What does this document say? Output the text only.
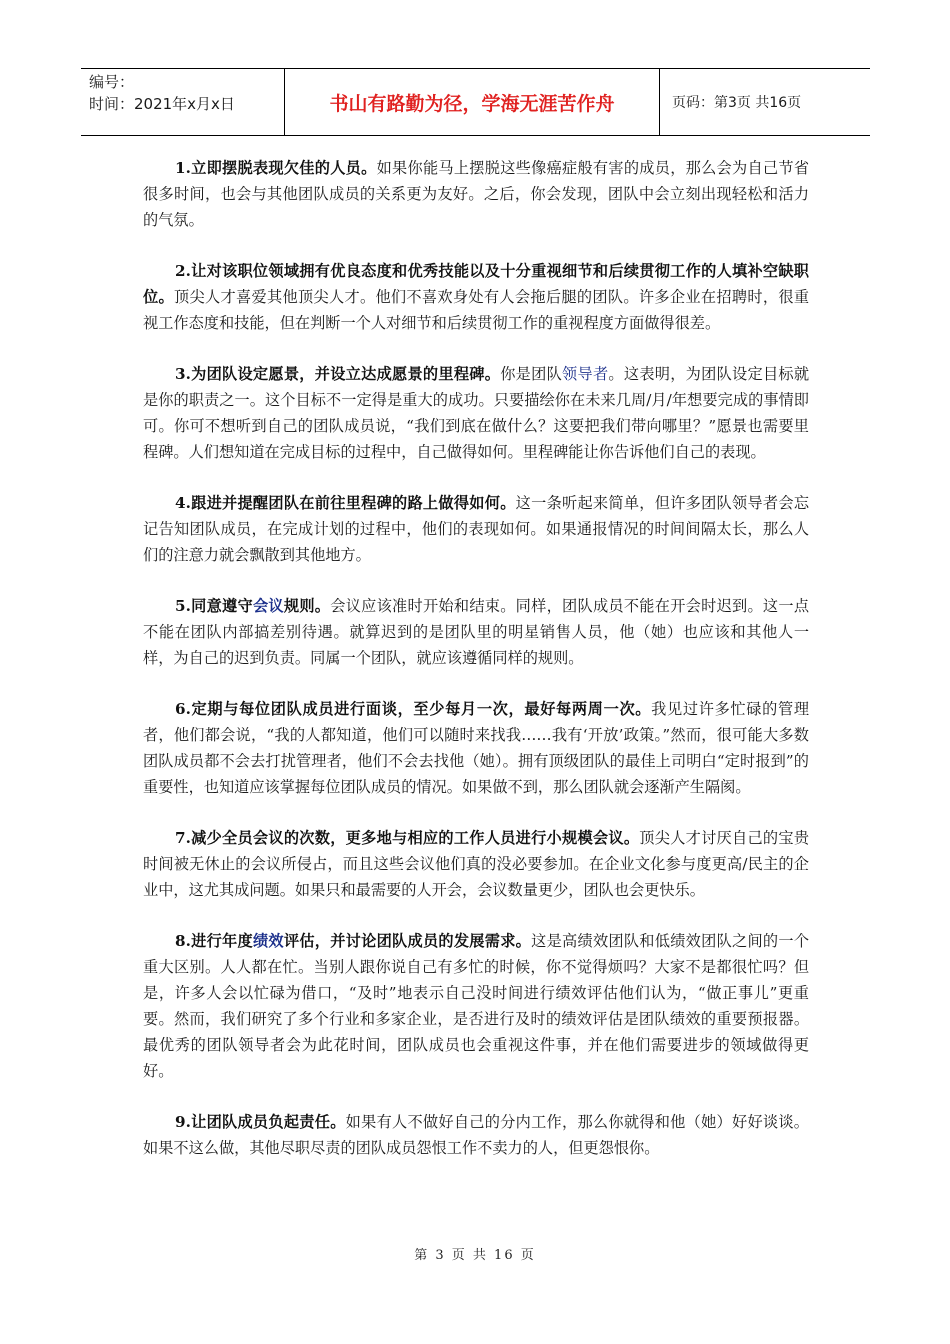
编号：
时间：2021年x月x日	书山有路勤为径，学海无涯苦作舟	页码：第3页 共16页

1.立即摆脱表现欠佳的人员。如果你能马上摆脱这些像癌症般有害的成员，那么会为自己节省很多时间，也会与其他团队成员的关系更为友好。之后，你会发现，团队中会立刻出现轻松和活力的气氛。

2.让对该职位领域拥有优良态度和优秀技能以及十分重视细节和后续贯彻工作的人填补空缺职位。顶尖人才喜爱其他顶尖人才。他们不喜欢身处有人会拖后腿的团队。许多企业在招聘时，很重视工作态度和技能，但在判断一个人对细节和后续贯彻工作的重视程度方面做得很差。

3.为团队设定愿景，并设立达成愿景的里程碑。你是团队领导者。这表明，为团队设定目标就是你的职责之一。这个目标不一定得是重大的成功。只要描绘你在未来几周/月/年想要完成的事情即可。你可不想听到自己的团队成员说，“我们到底在做什么？这要把我们带向哪里？”愿景也需要里程碑。人们想知道在完成目标的过程中，自己做得如何。里程碑能让你告诉他们自己的表现。

4.跟进并提醒团队在前往里程碑的路上做得如何。这一条听起来简单，但许多团队领导者会忘记告知团队成员，在完成计划的过程中，他们的表现如何。如果通报情况的时间间隔太长，那么人们的注意力就会飘散到其他地方。

5.同意遵守会议规则。会议应该准时开始和结束。同样，团队成员不能在开会时迟到。这一点不能在团队内部搞差别待遇。就算迟到的是团队里的明星销售人员，他（她）也应该和其他人一样，为自己的迟到负责。同属一个团队，就应该遵循同样的规则。

6.定期与每位团队成员进行面谈，至少每月一次，最好每两周一次。我见过许多忙碌的管理者，他们都会说，“我的人都知道，他们可以随时来找我……我有‘开放’政策。”然而，很可能大多数团队成员都不会去打扰管理者，他们不会去找他（她）。拥有顶级团队的最佳上司明白“定时报到”的重要性，也知道应该掌握每位团队成员的情况。如果做不到，那么团队就会逐渐产生隔阂。

7.减少全员会议的次数，更多地与相应的工作人员进行小规模会议。顶尖人才讨厌自己的宝贵时间被无休止的会议所侵占，而且这些会议他们真的没必要参加。在企业文化参与度更高/民主的企业中，这尤其成问题。如果只和最需要的人开会，会议数量更少，团队也会更快乐。

8.进行年度绩效评估，并讨论团队成员的发展需求。这是高绩效团队和低绩效团队之间的一个重大区别。人人都在忙。当别人跟你说自己有多忙的时候，你不觉得烦吗？大家不是都很忙吗？但是，许多人会以忙碌为借口，“及时”地表示自己没时间进行绩效评估他们认为，“做正事儿”更重要。然而，我们研究了多个行业和多家企业，是否进行及时的绩效评估是团队绩效的重要预报器。最优秀的团队领导者会为此花时间，团队成员也会重视这件事，并在他们需要进步的领域做得更好。

9.让团队成员负起责任。如果有人不做好自己的分内工作，那么你就得和他（她）好好谈谈。如果不这么做，其他尽职尽责的团队成员怨恨工作不卖力的人，但更怨恨你。

第 3 页 共 16 页
